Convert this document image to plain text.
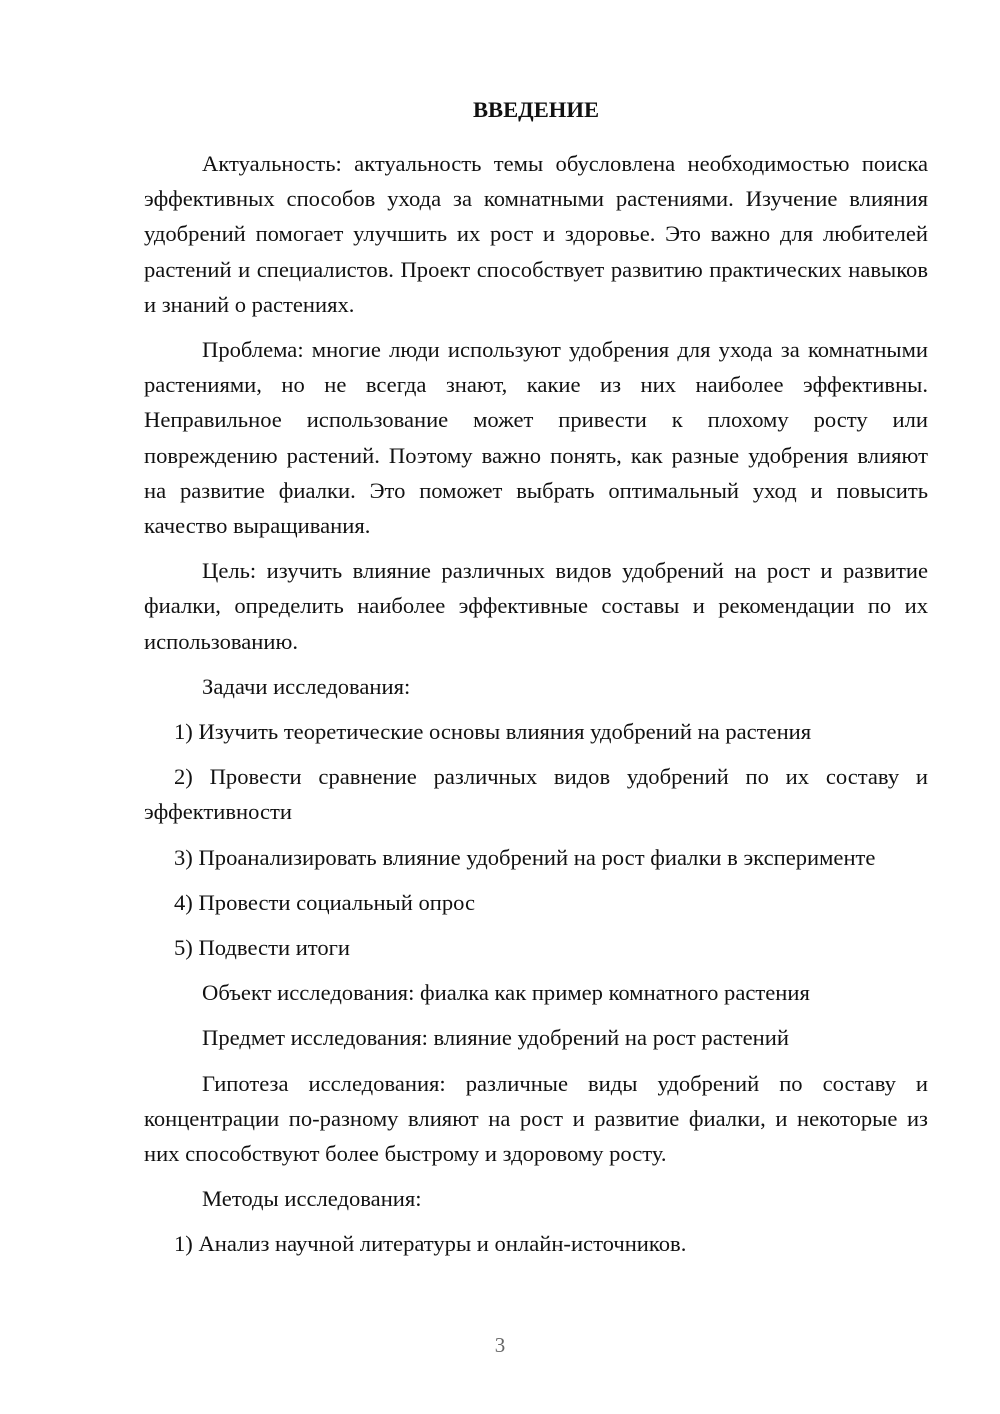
ВВЕДЕНИЕ

Актуальность: актуальность темы обусловлена необходимостью поиска эффективных способов ухода за комнатными растениями. Изучение влияния удобрений помогает улучшить их рост и здоровье. Это важно для любителей растений и специалистов. Проект способствует развитию практических навыков и знаний о растениях.

Проблема: многие люди используют удобрения для ухода за комнатными растениями, но не всегда знают, какие из них наиболее эффективны. Неправильное использование может привести к плохому росту или повреждению растений. Поэтому важно понять, как разные удобрения влияют на развитие фиалки. Это поможет выбрать оптимальный уход и повысить качество выращивания.

Цель: изучить влияние различных видов удобрений на рост и развитие фиалки, определить наиболее эффективные составы и рекомендации по их использованию.

Задачи исследования:

1) Изучить теоретические основы влияния удобрений на растения

2) Провести сравнение различных видов удобрений по их составу и эффективности

3) Проанализировать влияние удобрений на рост фиалки в эксперименте

4) Провести социальный опрос

5) Подвести итоги

Объект исследования: фиалка как пример комнатного растения

Предмет исследования: влияние удобрений на рост растений

Гипотеза исследования: различные виды удобрений по составу и концентрации по-разному влияют на рост и развитие фиалки, и некоторые из них способствуют более быстрому и здоровому росту.

Методы исследования:

1) Анализ научной литературы и онлайн-источников.

3
